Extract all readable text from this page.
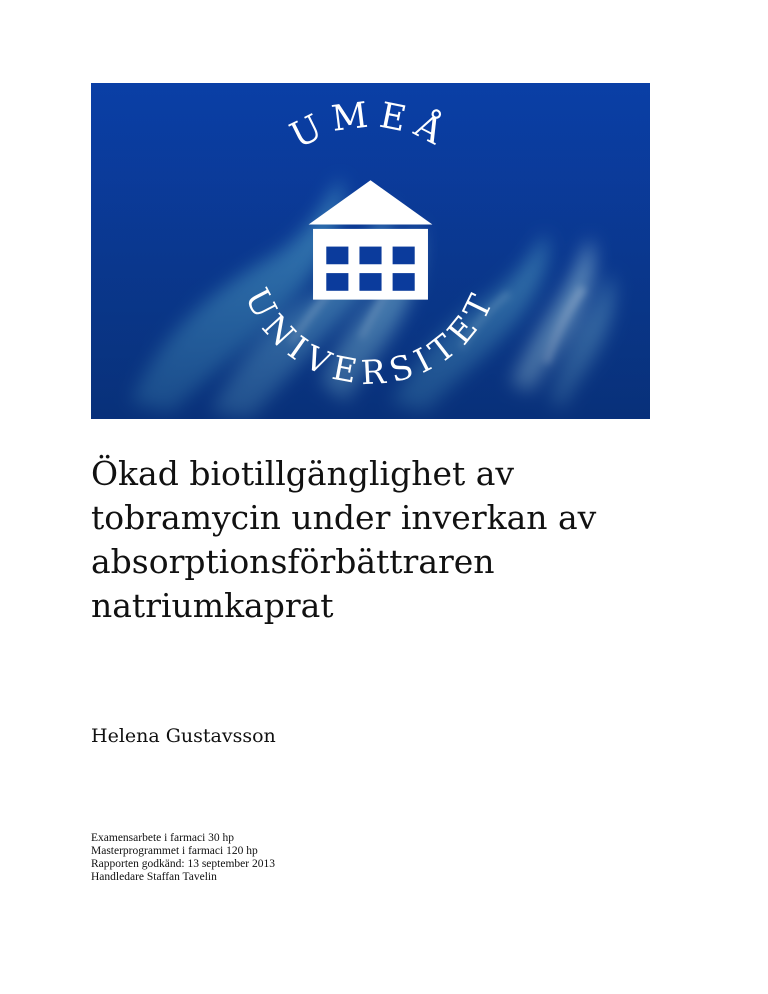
UMEÅ
UNIVERSITET
Ökad biotillgänglighet av
tobramycin under inverkan av
absorptionsförbättraren
natriumkaprat

Helena Gustavsson

Examensarbete i farmaci 30 hp
Masterprogrammet i farmaci 120 hp
Rapporten godkänd: 13 september 2013
Handledare Staffan Tavelin
